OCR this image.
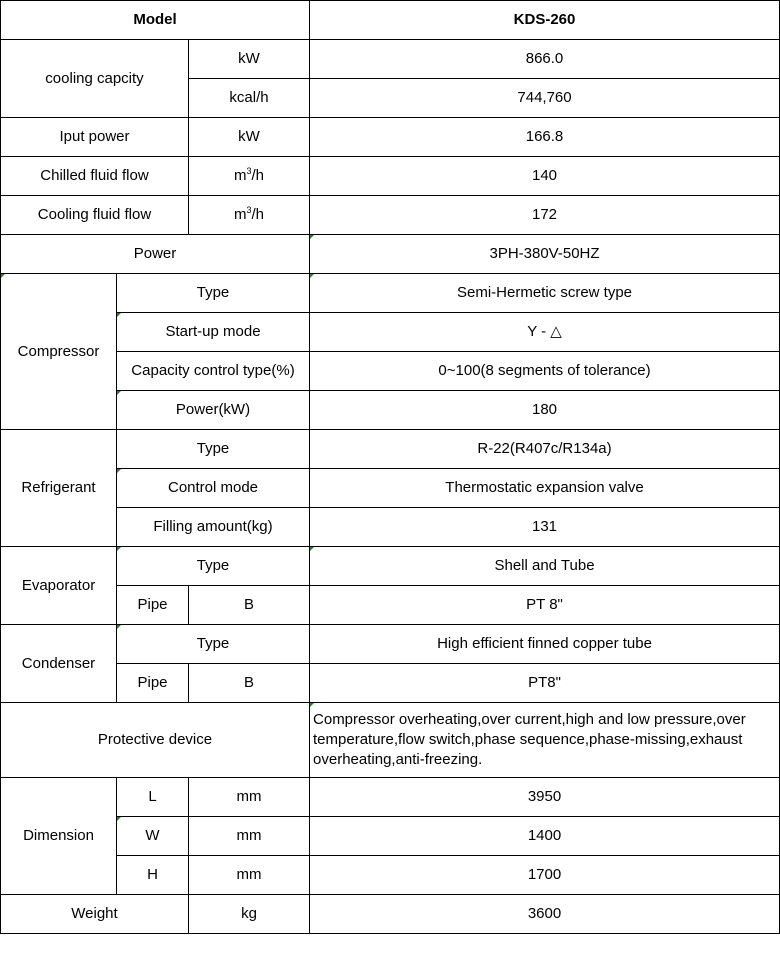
Model			KDS-260
cooling capcity		kW	866.0
		kcal/h	744,760
Iput power		kW	166.8
Chilled fluid flow		$m^3/h$	140
Cooling fluid flow		$m^3/h$	172
Power			3PH-380V-50HZ
Compressor	Type		Semi-Hermetic screw type
	Start-up mode		Y - △
	Capacity control type(%)		0~100(8 segments of tolerance)
	Power(kW)		180
Refrigerant	Type		R-22(R407c/R134a)
	Control mode		Thermostatic expansion valve
	Filling amount(kg)		131
Evaporator	Type		Shell and Tube
	Pipe	B	PT 8"
Condenser	Type		High efficient finned copper tube
	Pipe	B	PT8"
Protective device			Compressor overheating,over current,high and low pressure,over temperature,flow switch,phase sequence,phase-missing,exhaust overheating,anti-freezing.
Dimension	L	mm	3950
	W	mm	1400
	H	mm	1700
Weight		kg	3600
